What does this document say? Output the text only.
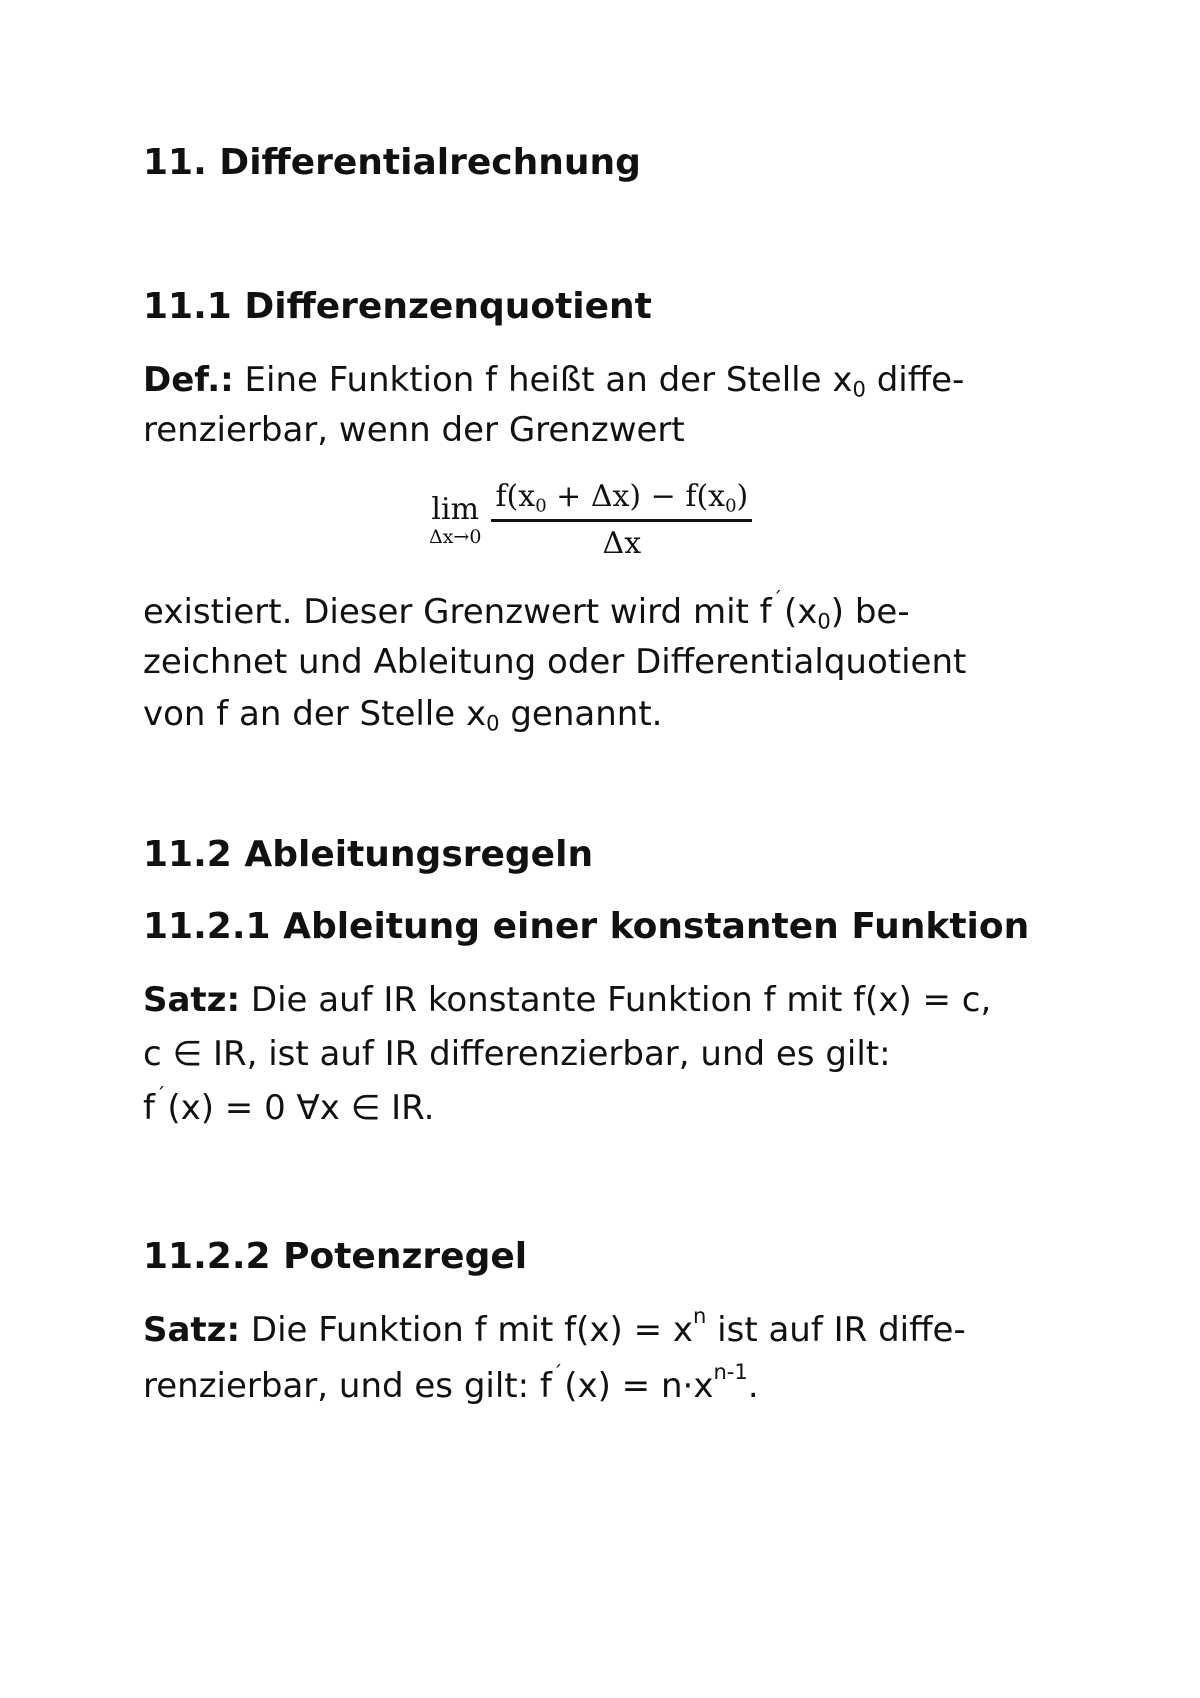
11. Differentialrechnung
11.1 Differenzenquotient
Def.: Eine Funktion f heißt an der Stelle $x_0$ diffe-
renzierbar, wenn der Grenzwert
lim
$\Delta x\to 0 \frac{f(x_0 + \Delta x) - f(x_0)}{\Delta x}$
existiert. Dieser Grenzwert wird mit $f^´(x_0)$ be-
zeichnet und Ableitung oder Differentialquotient
von f an der Stelle $x_0$ genannt.
11.2 Ableitungsregeln
11.2.1 Ableitung einer konstanten Funktion
Satz: Die auf IR konstante Funktion f mit f(x) = c,
c ∈ IR, ist auf IR differenzierbar, und es gilt:
f´(x) = 0 ∀x ∈ IR.
11.2.2 Potenzregel
Satz: Die Funktion f mit $f(x) = x^n$ ist auf IR diffe-
renzierbar, und es gilt: $f^´(x) = n\cdot x^{n-1}$.
